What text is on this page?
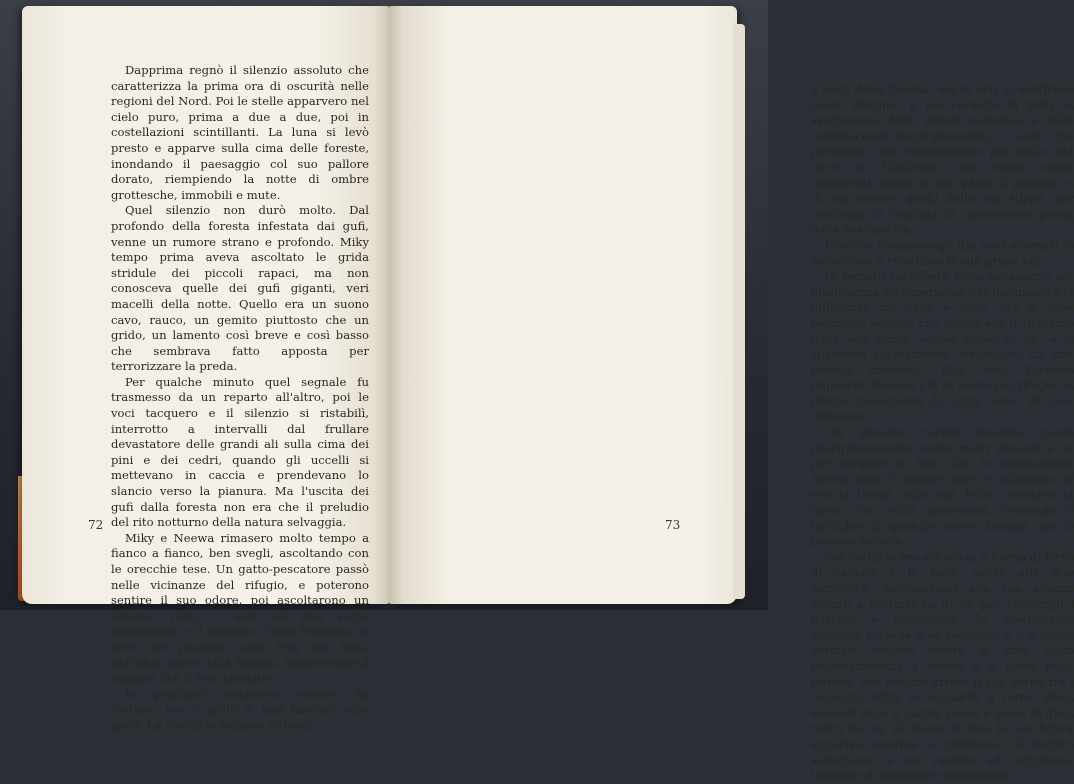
Dapprima regnò il silenzio assoluto che caratterizza la prima ora di oscurità nelle regioni del Nord. Poi le stelle apparvero nel cielo puro, prima a due a due, poi in costellazioni scintillanti. La luna si levò presto e apparve sulla cima delle foreste, inondando il paesaggio col suo pallore dorato, riempiendo la notte di ombre grottesche, immobili e mute.

Quel silenzio non durò molto. Dal profondo della foresta infestata dai gufi, venne un rumore strano e profondo. Miky tempo prima aveva ascoltato le grida stridule dei piccoli rapaci, ma non conosceva quelle dei gufi giganti, veri macelli della notte. Quello era un suono cavo, rauco, un gemito piuttosto che un grido, un lamento così breve e così basso che sembrava fatto apposta per terrorizzare la preda.

Per qualche minuto quel segnale fu trasmesso da un reparto all'altro, poi le voci tacquero e il silenzio si ristabilì, interrotto a intervalli dal frullare devastatore delle grandi ali sulla cima dei pini e dei cedri, quando gli uccelli si mettevano in caccia e prendevano lo slancio verso la pianura. Ma l'uscita dei gufi dalla foresta non era che il preludio del rito notturno della natura selvaggia.

Miky e Neewa rimasero molto tempo a fianco a fianco, ben svegli, ascoltando con le orecchie tese. Un gatto-pescatore passò nelle vicinanze del rifugio, e poterono sentire il suo odore, poi ascoltarono un lontano tuffo, i salti di una volpe impaziente e il mugolio d'una femmina di alce che passava sulla riva del lago, dall'altra parte della foresta. Infine venne il segnale che li fece trasalire.

In principio sembrava venisse da lontano: era il grido di lupi lanciati sulla pista. La caccia si volgeva altrove,

a nord della foresta, ma le urla si sentirono molto distinte, e nel cervello di Miky si svegliarono delle visioni nebulose e delle reminiscenze incomprensibili. I suoni che percepiva non somigliavano per nulla alla voce di Challoner, ma erano suoni conosciuti, quelli di suo padre il gigante, e di sua madre; quelli della sua stirpe, per centinaia di migliaia di generazioni prima della sua nascita.

L'istinto trasmessogli dai suoi antenati lo sollecitava a ricordare la sua prima età.

In seguito sarebbero state necessarie più intelligenza ed esperienza per distinguere la differenza fra cane e lupo. Ma in quel momento sentiva che quello era il richiamo della sua razza: veniva verso di lui, e si spandeva rapidamente, irrobustito da una ferocia affamata. Non vide l'orsetto impaurito ficcarsi più in fondo nel rifugio; si drizzò incosciente di tutto, salvo di quel richiamo.

Un giovane caribù maschio passò precipitosamente cento metri davanti a lui per sfuggire ai lupi che lo inseguivano. Aveva ormai il respiro corto e affannato ed era al limite delle sue forze, sondava la notte con occhi spaventati, cercando il luccichio di qualche corso d'acqua che lo potesse salvare.

Già l'orda si era schierata a forma di ferro di cavallo e le fiere, poste alle due estremità, galoppavano alla sua altezza pronte a gettarsi su di lui per recidergli i garretti e abbatterlo. In quell'istante supremo tutte le gole tacevano e il giovane animale sentiva venire la fine. Voltò disperatamente a destra e si gettò nella foresta. Nel sentire urtare il suo corpo fra i cespugli, Miky si acquattò a terra. Dieci secondi dopo il caribù passò a meno di dieci metri da lui; al chiaro di luna la sua figura appariva enorme e grottesca, il respiro somigliava a un rantolo ed esprimeva l'affanno di una morte imminente.

72	73
